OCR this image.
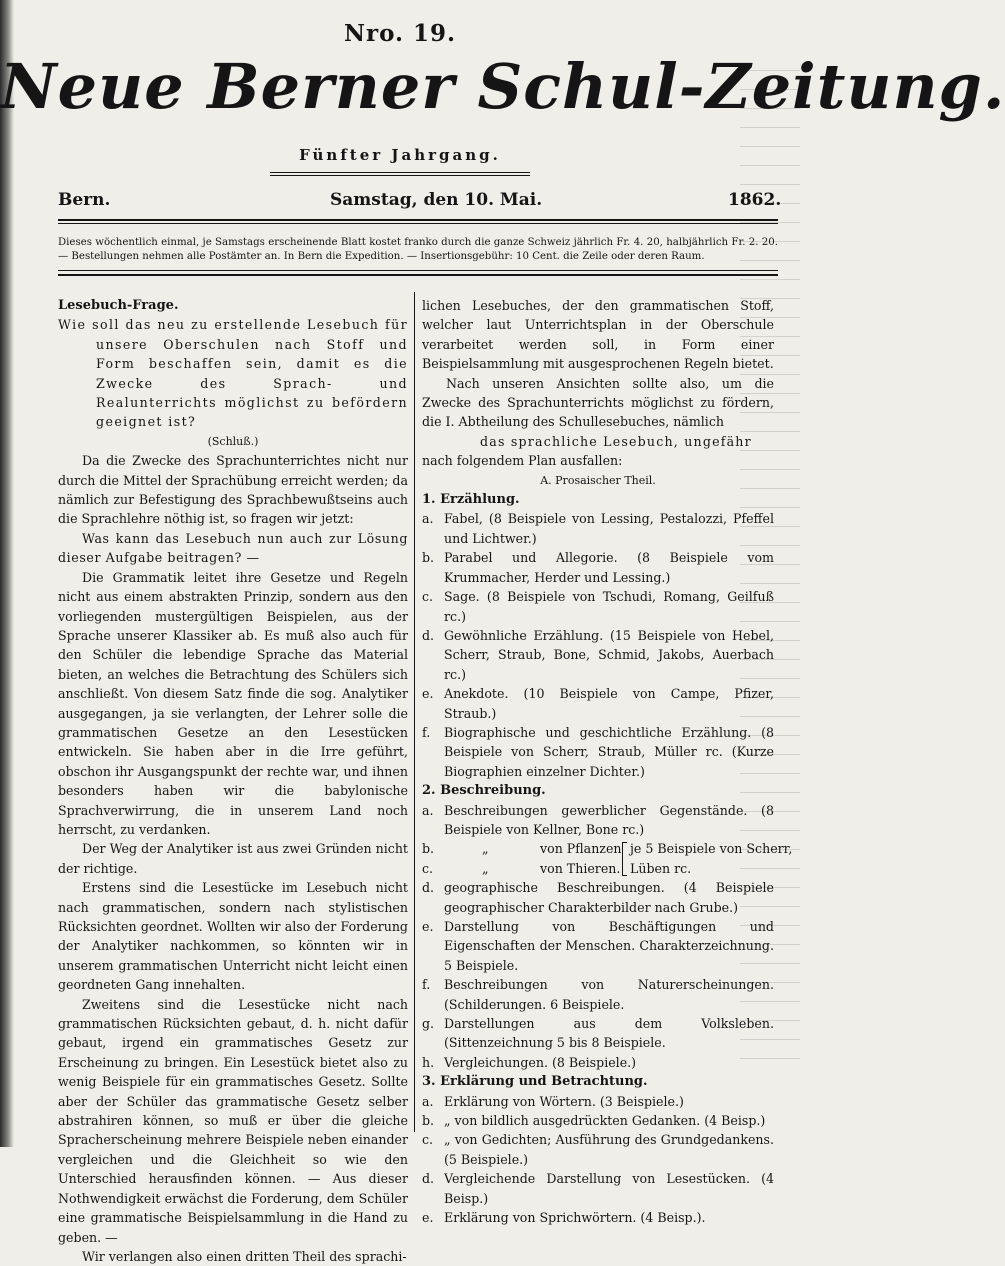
Nro. 19.
Neue Berner Schul-Zeitung.
Fünfter Jahrgang.
Bern.	Samstag, den 10. Mai.	1862.
Dieses wöchentlich einmal, je Samstags erscheinende Blatt kostet franko durch die ganze Schweiz jährlich Fr. 4. 20, halbjährlich Fr. 2. 20. — Bestellungen nehmen alle Postämter an. In Bern die Expedition. — Insertionsgebühr: 10 Cent. die Zeile oder deren Raum.

Lesebuch-Frage.

Wie soll das neu zu erstellende Lesebuch für unsere Oberschulen nach Stoff und Form beschaffen sein, damit es die Zwecke des Sprach- und Realunterrichts möglichst zu befördern geeignet ist?

(Schluß.)

Da die Zwecke des Sprachunterrichtes nicht nur durch die Mittel der Sprachübung erreicht werden; da nämlich zur Befestigung des Sprachbewußtseins auch die Sprachlehre nöthig ist, so fragen wir jetzt:

Was kann das Lesebuch nun auch zur Lösung dieser Aufgabe beitragen? —

Die Grammatik leitet ihre Gesetze und Regeln nicht aus einem abstrakten Prinzip, sondern aus den vorliegenden mustergültigen Beispielen, aus der Sprache unserer Klassiker ab. Es muß also auch für den Schüler die lebendige Sprache das Material bieten, an welches die Betrachtung des Schülers sich anschließt. Von diesem Satz finde die sog. Analytiker ausgegangen, ja sie verlangten, der Lehrer solle die grammatischen Gesetze an den Lesestücken entwickeln. Sie haben aber in die Irre geführt, obschon ihr Ausgangspunkt der rechte war, und ihnen besonders haben wir die babylonische Sprachverwirrung, die in unserem Land noch herrscht, zu verdanken.

Der Weg der Analytiker ist aus zwei Gründen nicht der richtige.

Erstens sind die Lesestücke im Lesebuch nicht nach grammatischen, sondern nach stylistischen Rücksichten geordnet. Wollten wir also der Forderung der Analytiker nachkommen, so könnten wir in unserem grammatischen Unterricht nicht leicht einen geordneten Gang innehalten.

Zweitens sind die Lesestücke nicht nach grammatischen Rücksichten gebaut, d. h. nicht dafür gebaut, irgend ein grammatisches Gesetz zur Erscheinung zu bringen. Ein Lesestück bietet also zu wenig Beispiele für ein grammatisches Gesetz. Sollte aber der Schüler das grammatische Gesetz selber abstrahiren können, so muß er über die gleiche Spracherscheinung mehrere Beispiele neben einander vergleichen und die Gleichheit so wie den Unterschied herausfinden können. — Aus dieser Nothwendigkeit erwächst die Forderung, dem Schüler eine grammatische Beispielsammlung in die Hand zu geben. —

Wir verlangen also einen dritten Theil des sprachi-

lichen Lesebuches, der den grammatischen Stoff, welcher laut Unterrichtsplan in der Oberschule verarbeitet werden soll, in Form einer Beispielsammlung mit ausgesprochenen Regeln bietet.

Nach unseren Ansichten sollte also, um die Zwecke des Sprachunterrichts möglichst zu fördern, die I. Abtheilung des Schullesebuches, nämlich

das sprachliche Lesebuch, ungefähr

nach folgendem Plan ausfallen:

A. Prosaischer Theil.

1. Erzählung.

a. Fabel, (8 Beispiele von Lessing, Pestalozzi, Pfeffel und Lichtwer.)

b. Parabel und Allegorie. (8 Beispiele vom Krummacher, Herder und Lessing.)

c. Sage. (8 Beispiele von Tschudi, Romang, Geilfuß rc.)

d. Gewöhnliche Erzählung. (15 Beispiele von Hebel, Scherr, Straub, Bone, Schmid, Jakobs, Auerbach rc.)

e. Anekdote. (10 Beispiele von Campe, Pfizer, Straub.)

f. Biographische und geschichtliche Erzählung. (8 Beispiele von Scherr, Straub, Müller rc. (Kurze Biographien einzelner Dichter.)

2. Beschreibung.

a. Beschreibungen gewerblicher Gegenstände. (8 Beispiele von Kellner, Bone rc.)

b.
c.
„
„
von Pflanzen
von Thieren.
je 5 Beispiele von Scherr,
Lüben rc.

d. geographische Beschreibungen. (4 Beispiele geographischer Charakterbilder nach Grube.)

e. Darstellung von Beschäftigungen und Eigenschaften der Menschen. Charakterzeichnung. 5 Beispiele.

f. Beschreibungen von Naturerscheinungen. (Schilderungen. 6 Beispiele.

g. Darstellungen aus dem Volksleben. (Sittenzeichnung 5 bis 8 Beispiele.

h. Vergleichungen. (8 Beispiele.)

3. Erklärung und Betrachtung.

a. Erklärung von Wörtern. (3 Beispiele.)

b. „ von bildlich ausgedrückten Gedanken. (4 Beisp.)

c. „ von Gedichten; Ausführung des Grundgedankens. (5 Beispiele.)

d. Vergleichende Darstellung von Lesestücken. (4 Beisp.)

e. Erklärung von Sprichwörtern. (4 Beisp.).
